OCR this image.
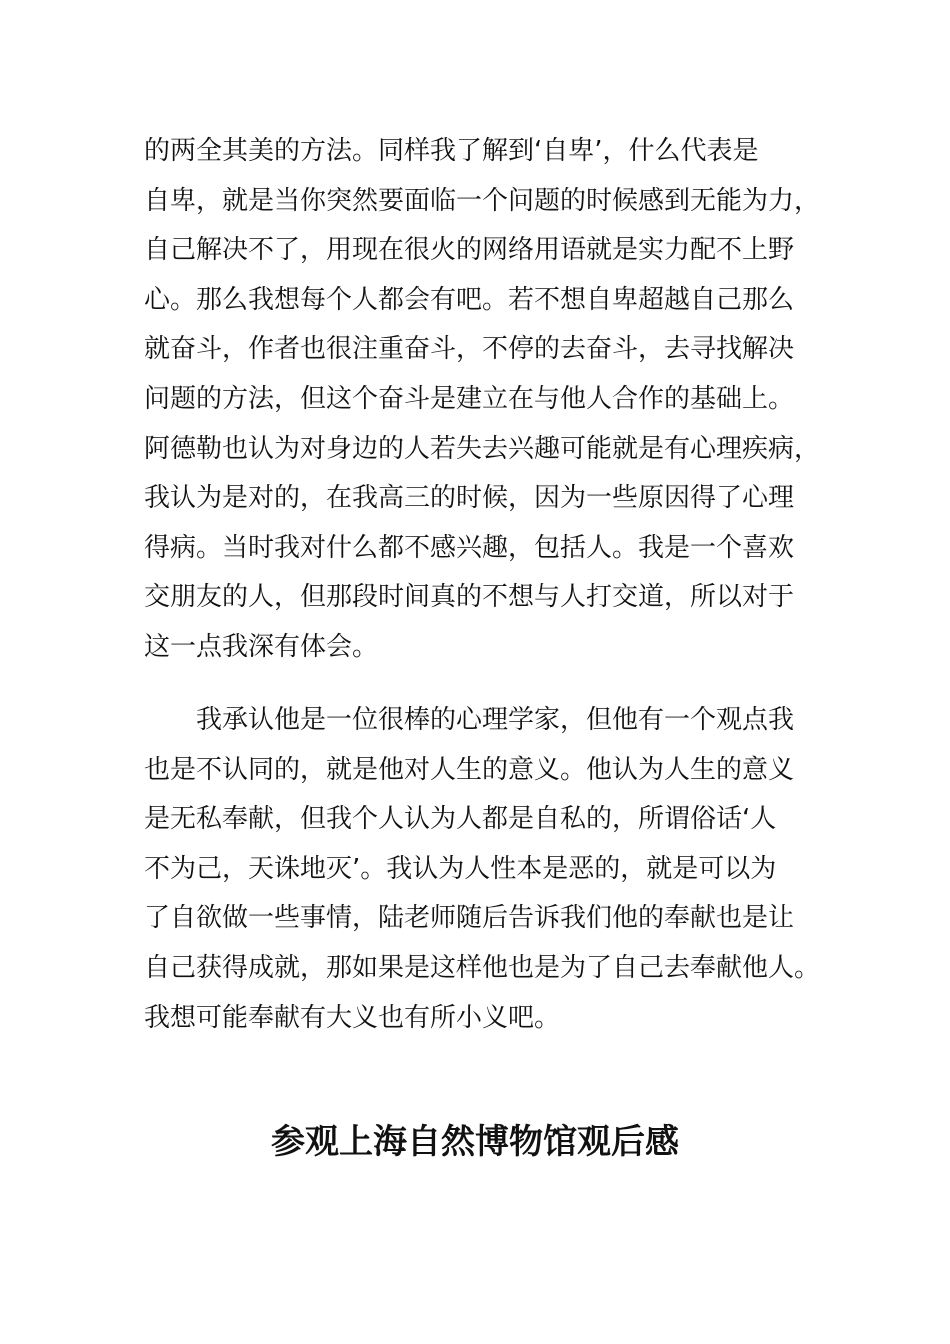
的两全其美的方法。同样我了解到‘自卑’，什么代表是
自卑，就是当你突然要面临一个问题的时候感到无能为力，
自己解决不了，用现在很火的网络用语就是实力配不上野
心。那么我想每个人都会有吧。若不想自卑超越自己那么
就奋斗，作者也很注重奋斗，不停的去奋斗，去寻找解决
问题的方法，但这个奋斗是建立在与他人合作的基础上。
阿德勒也认为对身边的人若失去兴趣可能就是有心理疾病，
我认为是对的，在我高三的时候，因为一些原因得了心理
得病。当时我对什么都不感兴趣，包括人。我是一个喜欢
交朋友的人，但那段时间真的不想与人打交道，所以对于
这一点我深有体会。
我承认他是一位很棒的心理学家，但他有一个观点我
也是不认同的，就是他对人生的意义。他认为人生的意义
是无私奉献，但我个人认为人都是自私的，所谓俗话‘人
不为己，天诛地灭’。我认为人性本是恶的，就是可以为
了自欲做一些事情，陆老师随后告诉我们他的奉献也是让
自己获得成就，那如果是这样他也是为了自己去奉献他人。
我想可能奉献有大义也有所小义吧。
参观上海自然博物馆观后感
